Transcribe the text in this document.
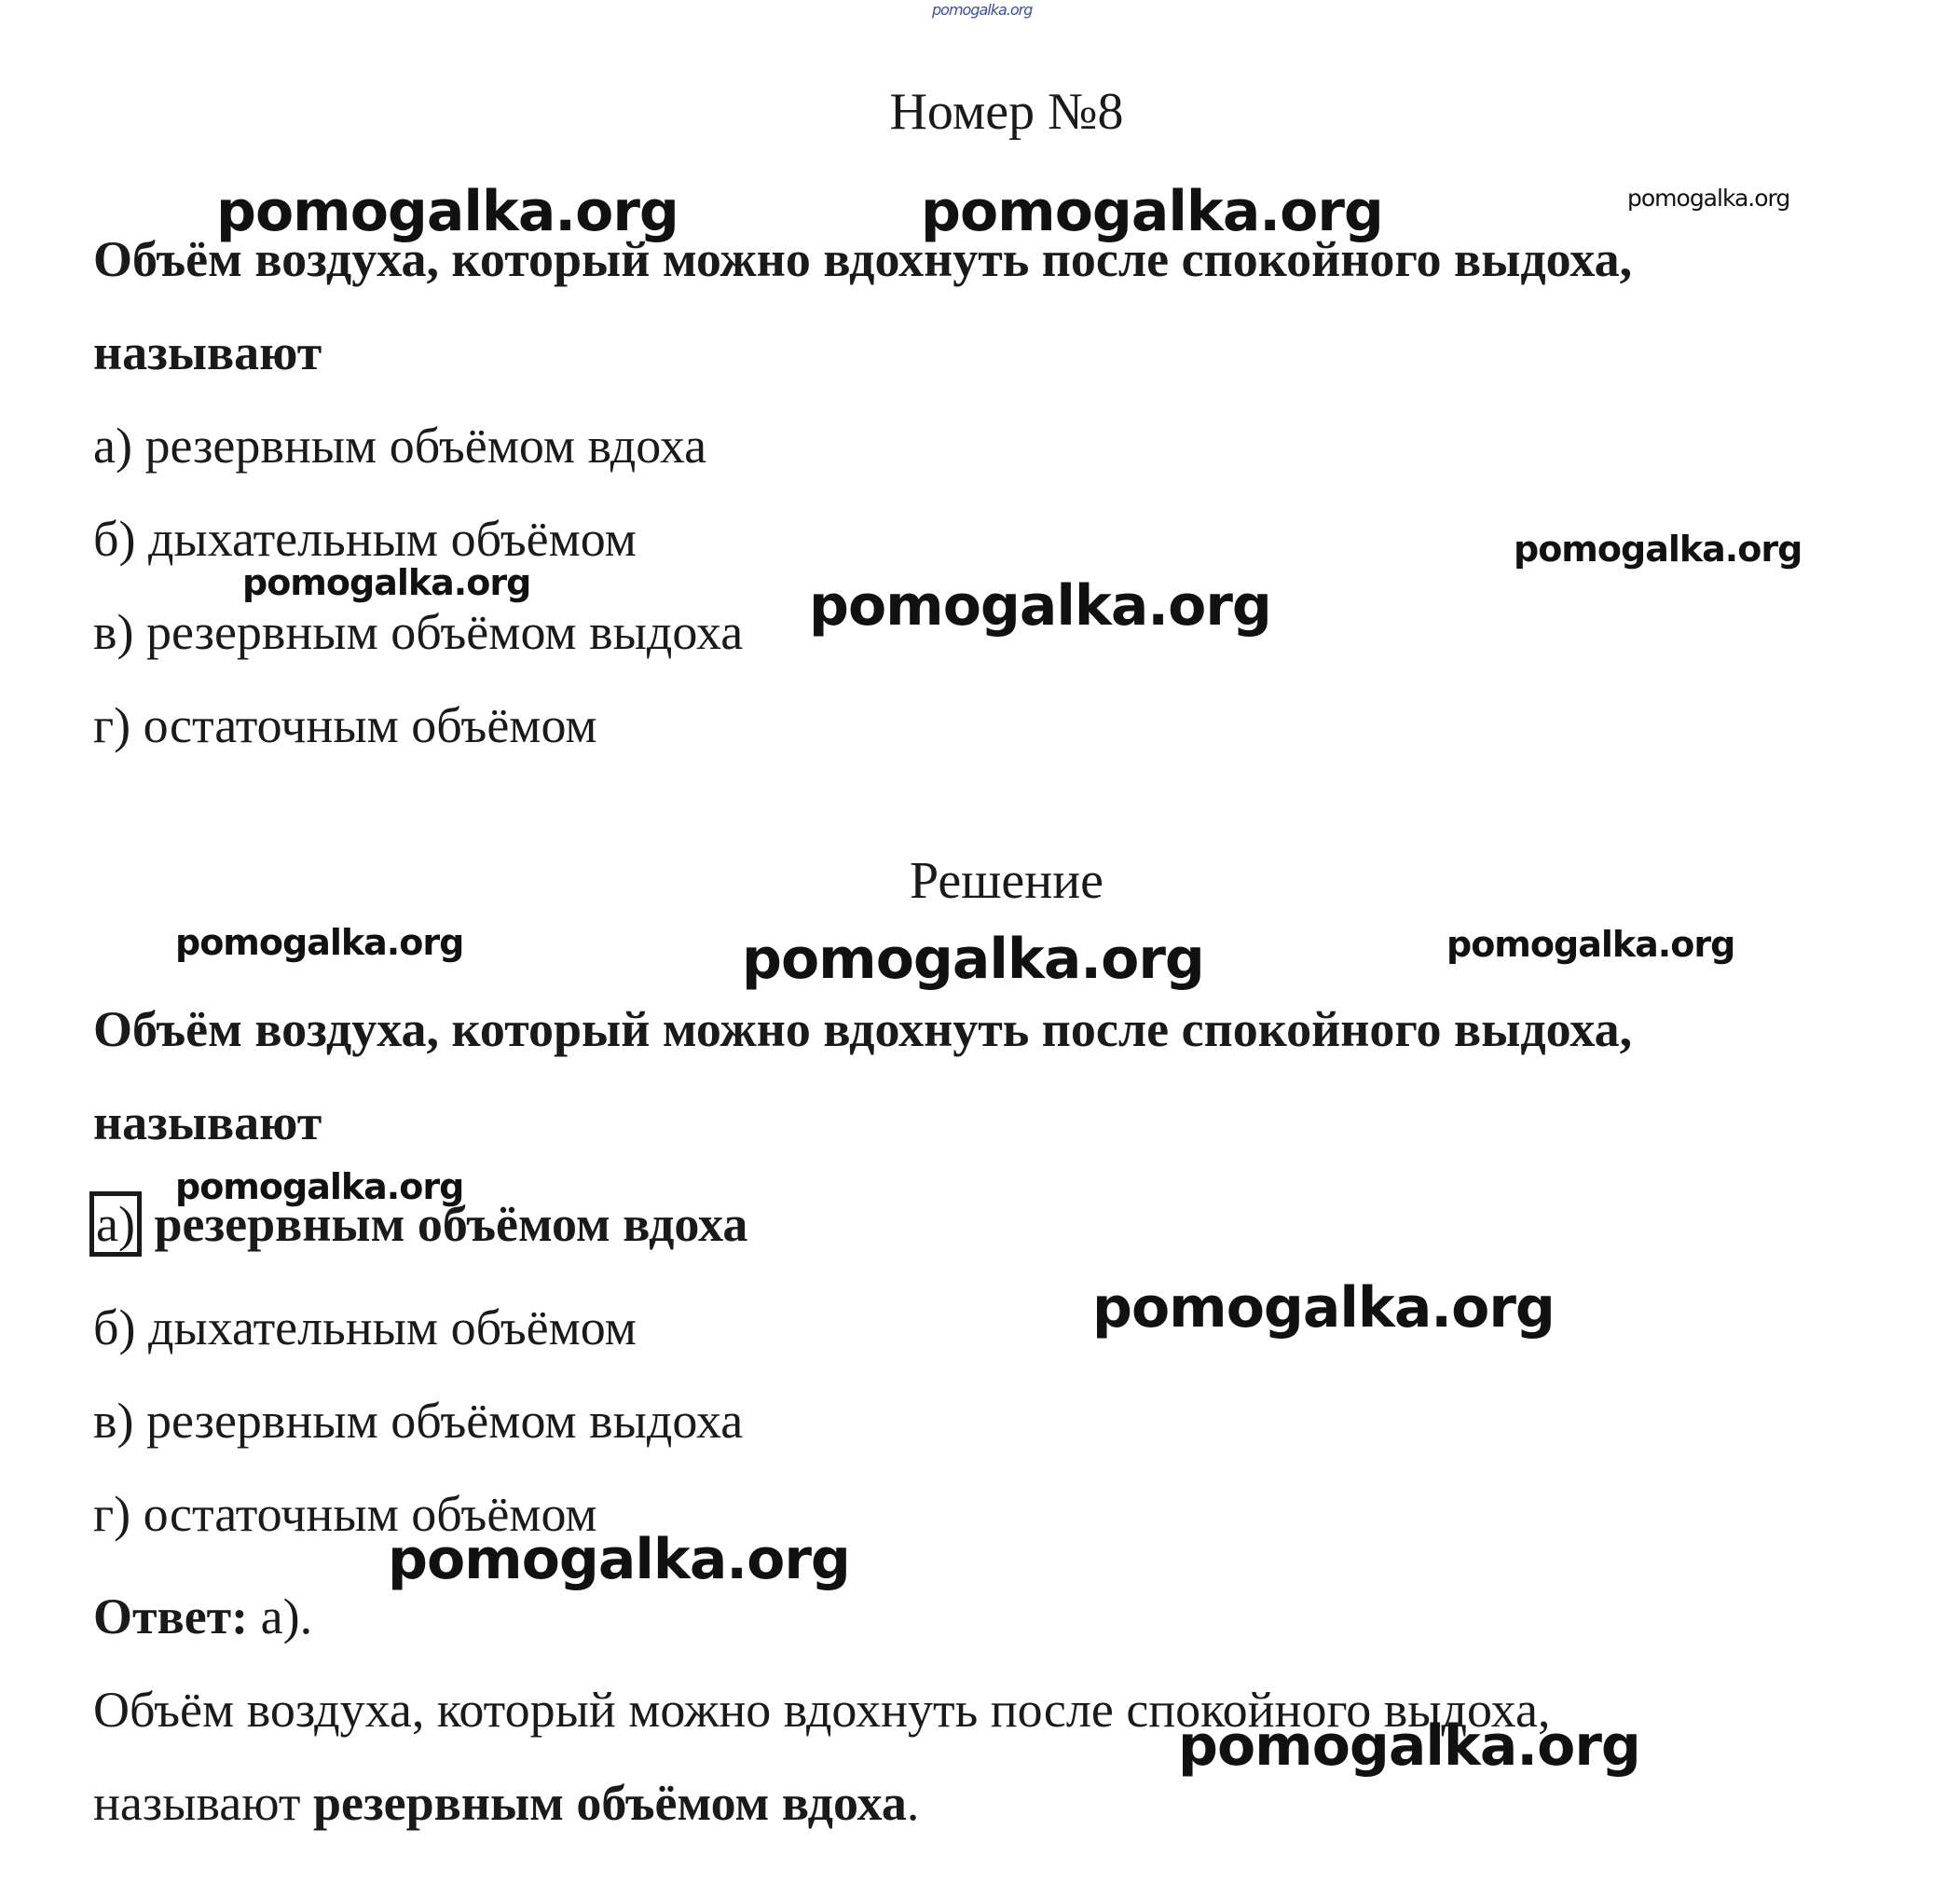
pomogalka.org
Номер №8
Объём воздуха, который можно вдохнуть после спокойного выдоха,
называют
а) резервным объёмом вдоха
б) дыхательным объёмом
в) резервным объёмом выдоха
г) остаточным объёмом
Решение
Объём воздуха, который можно вдохнуть после спокойного выдоха,
называют
а) резервным объёмом вдоха
б) дыхательным объёмом
в) резервным объёмом выдоха
г) остаточным объёмом
Ответ: а).
Объём воздуха, который можно вдохнуть после спокойного выдоха,
называют резервным объёмом вдоха.
pomogalka.org	pomogalka.org	pomogalka.org
pomogalka.org
pomogalka.org	pomogalka.org
pomogalka.org	pomogalka.org	pomogalka.org
pomogalka.org
pomogalka.org
pomogalka.org
pomogalka.org
